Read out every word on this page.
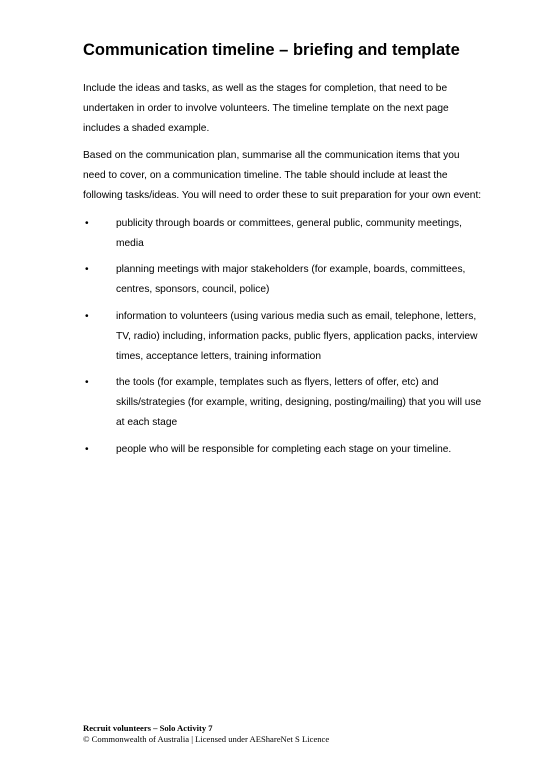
Communication timeline – briefing and template

Include the ideas and tasks, as well as the stages for completion, that need to be undertaken in order to involve volunteers. The timeline template on the next page includes a shaded example.

Based on the communication plan, summarise all the communication items that you need to cover, on a communication timeline. The table should include at least the following tasks/ideas. You will need to order these to suit preparation for your own event:

•	publicity through boards or committees, general public, community meetings, media
•	planning meetings with major stakeholders (for example, boards, committees, centres, sponsors, council, police)
•	information to volunteers (using various media such as email, telephone, letters, TV, radio) including, information packs, public flyers, application packs, interview times, acceptance letters, training information
•	the tools (for example, templates such as flyers, letters of offer, etc) and skills/strategies (for example, writing, designing, posting/mailing) that you will use at each stage
•	people who will be responsible for completing each stage on your timeline.

Recruit volunteers – Solo Activity 7

© Commonwealth of Australia | Licensed under AEShareNet S Licence
